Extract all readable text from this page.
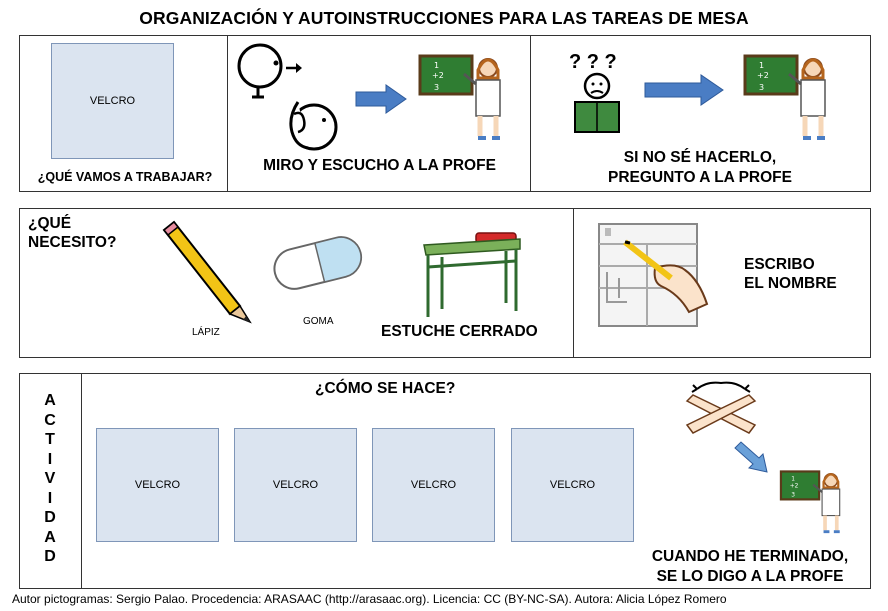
ORGANIZACIÓN Y AUTOINSTRUCCIONES PARA LAS TAREAS DE MESA
VELCRO
¿QUÉ VAMOS A TRABAJAR?
1
+2
3
MIRO Y ESCUCHO A LA PROFE
? ? ?	1
+2
3
SI NO SÉ HACERLO,
PREGUNTO A LA PROFE
¿QUÉ
NECESITO?
LÁPIZ
GOMA
ESTUCHE CERRADO
ESCRIBO
EL NOMBRE
A
C
T
I
V
I
D
A
D
¿CÓMO SE HACE?
VELCRO	VELCRO	VELCRO	VELCRO	1
+2
3
CUANDO HE TERMINADO,
SE LO DIGO A LA PROFE
Autor pictogramas: Sergio Palao. Procedencia: ARASAAC (http://arasaac.org). Licencia: CC (BY-NC-SA). Autora: Alicia López Romero
